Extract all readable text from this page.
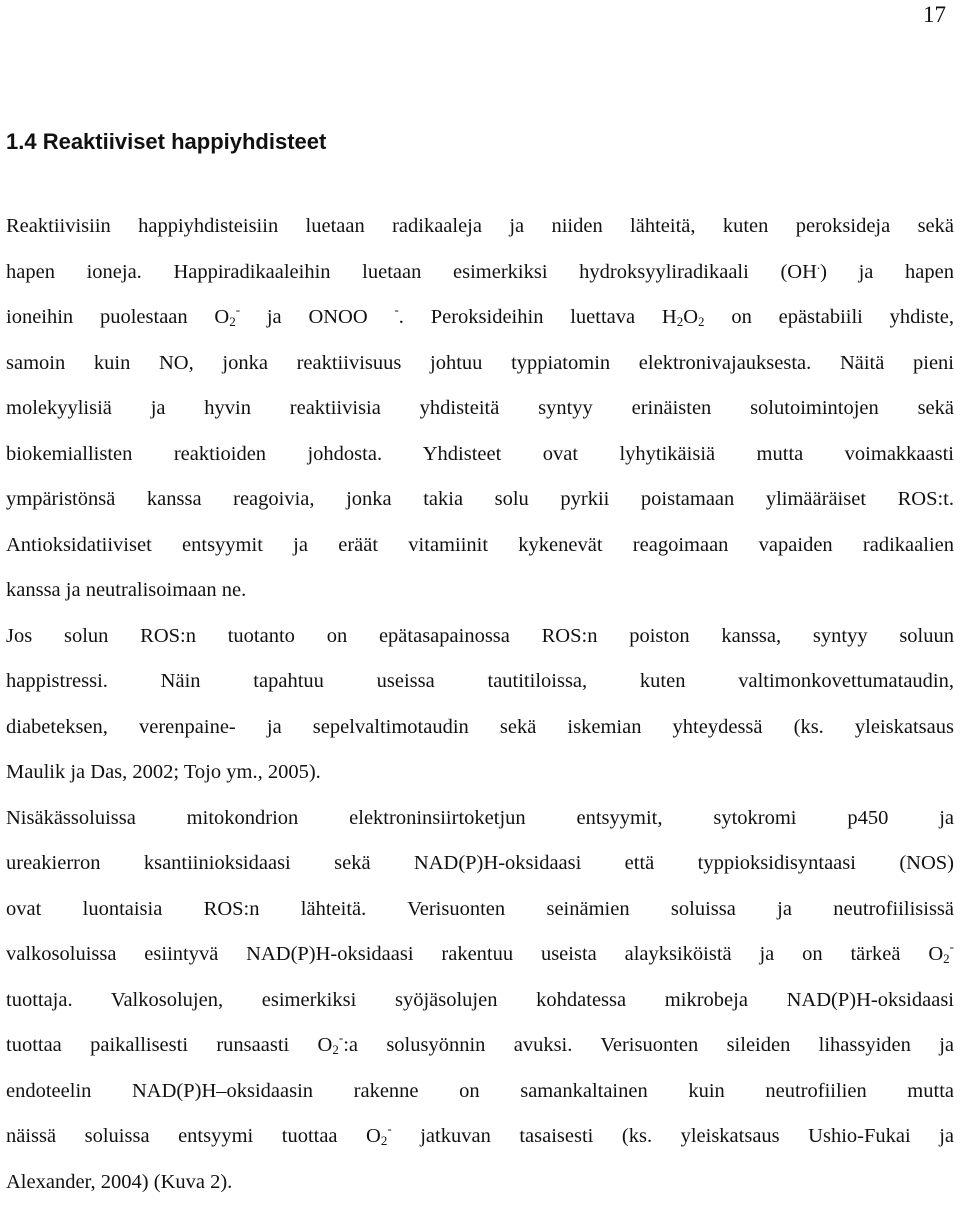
17
1.4 Reaktiiviset happiyhdisteet
Reaktiivisiin happiyhdisteisiin luetaan radikaaleja ja niiden lähteitä, kuten peroksideja sekä
hapen ioneja. Happiradikaaleihin luetaan esimerkiksi hydroksyyliradikaali (OH.) ja hapen
ioneihin puolestaan $O_2^-$ ja ONOO -. Peroksideihin luettava $H_2O_2$ on epästabiili yhdiste,
samoin kuin NO, jonka reaktiivisuus johtuu typpiatomin elektronivajauksesta. Näitä pieni
molekyylisiä ja hyvin reaktiivisia yhdisteitä syntyy erinäisten solutoimintojen sekä
biokemiallisten reaktioiden johdosta. Yhdisteet ovat lyhytikäisiä mutta voimakkaasti
ympäristönsä kanssa reagoivia, jonka takia solu pyrkii poistamaan ylimääräiset ROS:t.
Antioksidatiiviset entsyymit ja eräät vitamiinit kykenevät reagoimaan vapaiden radikaalien
kanssa ja neutralisoimaan ne.
Jos solun ROS:n tuotanto on epätasapainossa ROS:n poiston kanssa, syntyy soluun
happistressi. Näin tapahtuu useissa tautitiloissa, kuten valtimonkovettumataudin,
diabeteksen, verenpaine- ja sepelvaltimotaudin sekä iskemian yhteydessä (ks. yleiskatsaus
Maulik ja Das, 2002; Tojo ym., 2005).
Nisäkässoluissa mitokondrion elektroninsiirtoketjun entsyymit, sytokromi p450 ja
ureakierron ksantiinioksidaasi sekä NAD(P)H-oksidaasi että typpioksidisyntaasi (NOS)
ovat luontaisia ROS:n lähteitä. Verisuonten seinämien soluissa ja neutrofiilisissä
valkosoluissa esiintyvä NAD(P)H-oksidaasi rakentuu useista alayksiköistä ja on tärkeä $O_2^-$
tuottaja. Valkosolujen, esimerkiksi syöjäsolujen kohdatessa mikrobeja NAD(P)H-oksidaasi
tuottaa paikallisesti runsaasti $O_2^-:a$ solusyönnin avuksi. Verisuonten sileiden lihassyiden ja
endoteelin NAD(P)H–oksidaasin rakenne on samankaltainen kuin neutrofiilien mutta
näissä soluissa entsyymi tuottaa $O_2^-$ jatkuvan tasaisesti (ks. yleiskatsaus Ushio-Fukai ja
Alexander, 2004) (Kuva 2).
